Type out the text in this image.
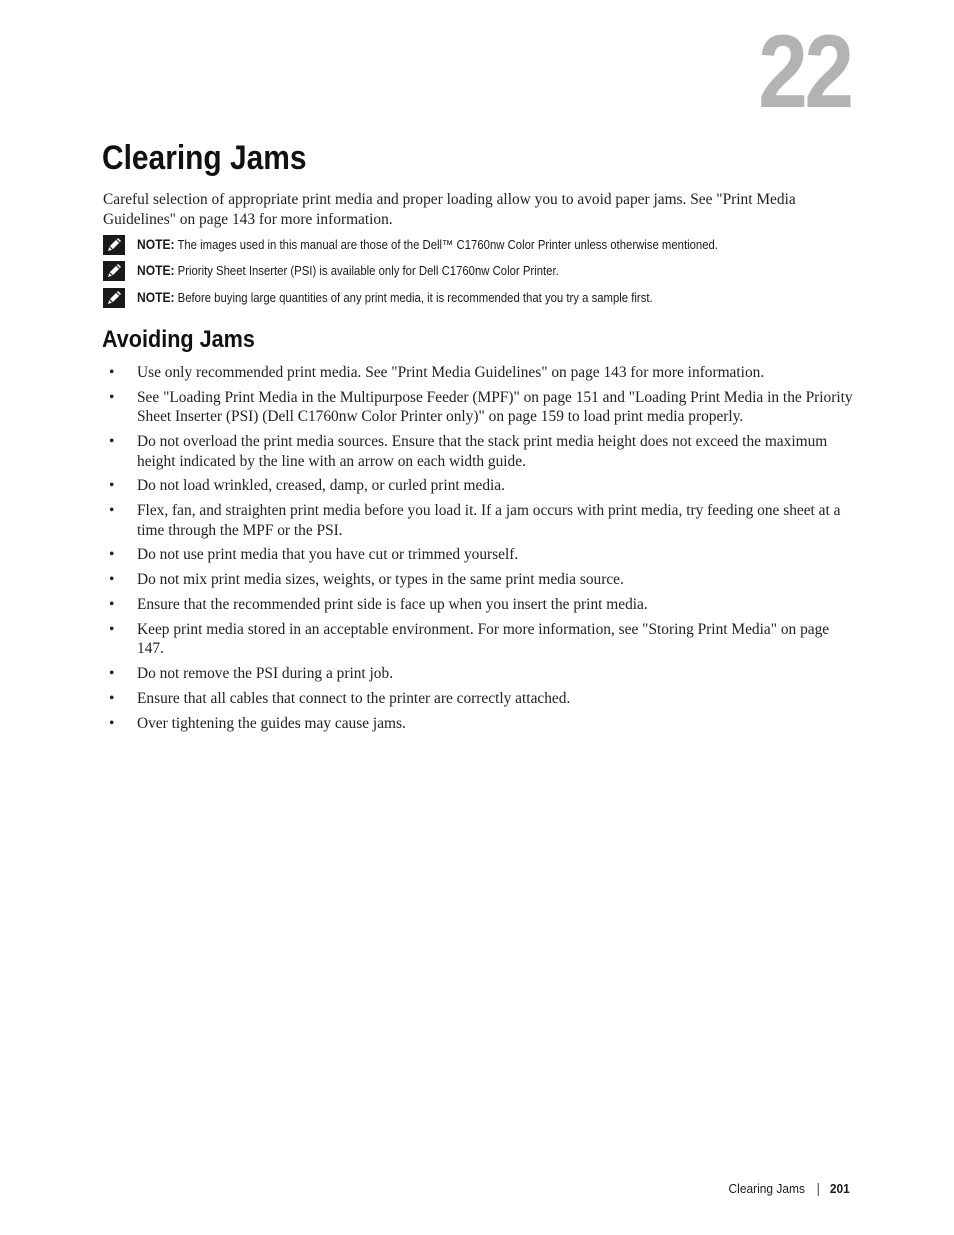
22
Clearing Jams

Careful selection of appropriate print media and proper loading allow you to avoid paper jams. See "Print Media Guidelines" on page 143 for more information.

NOTE: The images used in this manual are those of the Dell™ C1760nw Color Printer unless otherwise mentioned.
NOTE: Priority Sheet Inserter (PSI) is available only for Dell C1760nw Color Printer.
NOTE: Before buying large quantities of any print media, it is recommended that you try a sample first.
Avoiding Jams
• Use only recommended print media. See "Print Media Guidelines" on page 143 for more information.
• See "Loading Print Media in the Multipurpose Feeder (MPF)" on page 151 and "Loading Print Media in the Priority Sheet Inserter (PSI) (Dell C1760nw Color Printer only)" on page 159 to load print media properly.
• Do not overload the print media sources. Ensure that the stack print media height does not exceed the maximum height indicated by the line with an arrow on each width guide.
• Do not load wrinkled, creased, damp, or curled print media.
• Flex, fan, and straighten print media before you load it. If a jam occurs with print media, try feeding one sheet at a time through the MPF or the PSI.
• Do not use print media that you have cut or trimmed yourself.
• Do not mix print media sizes, weights, or types in the same print media source.
• Ensure that the recommended print side is face up when you insert the print media.
• Keep print media stored in an acceptable environment. For more information, see "Storing Print Media" on page 147.
• Do not remove the PSI during a print job.
• Ensure that all cables that connect to the printer are correctly attached.
• Over tightening the guides may cause jams.
Clearing Jams 201
